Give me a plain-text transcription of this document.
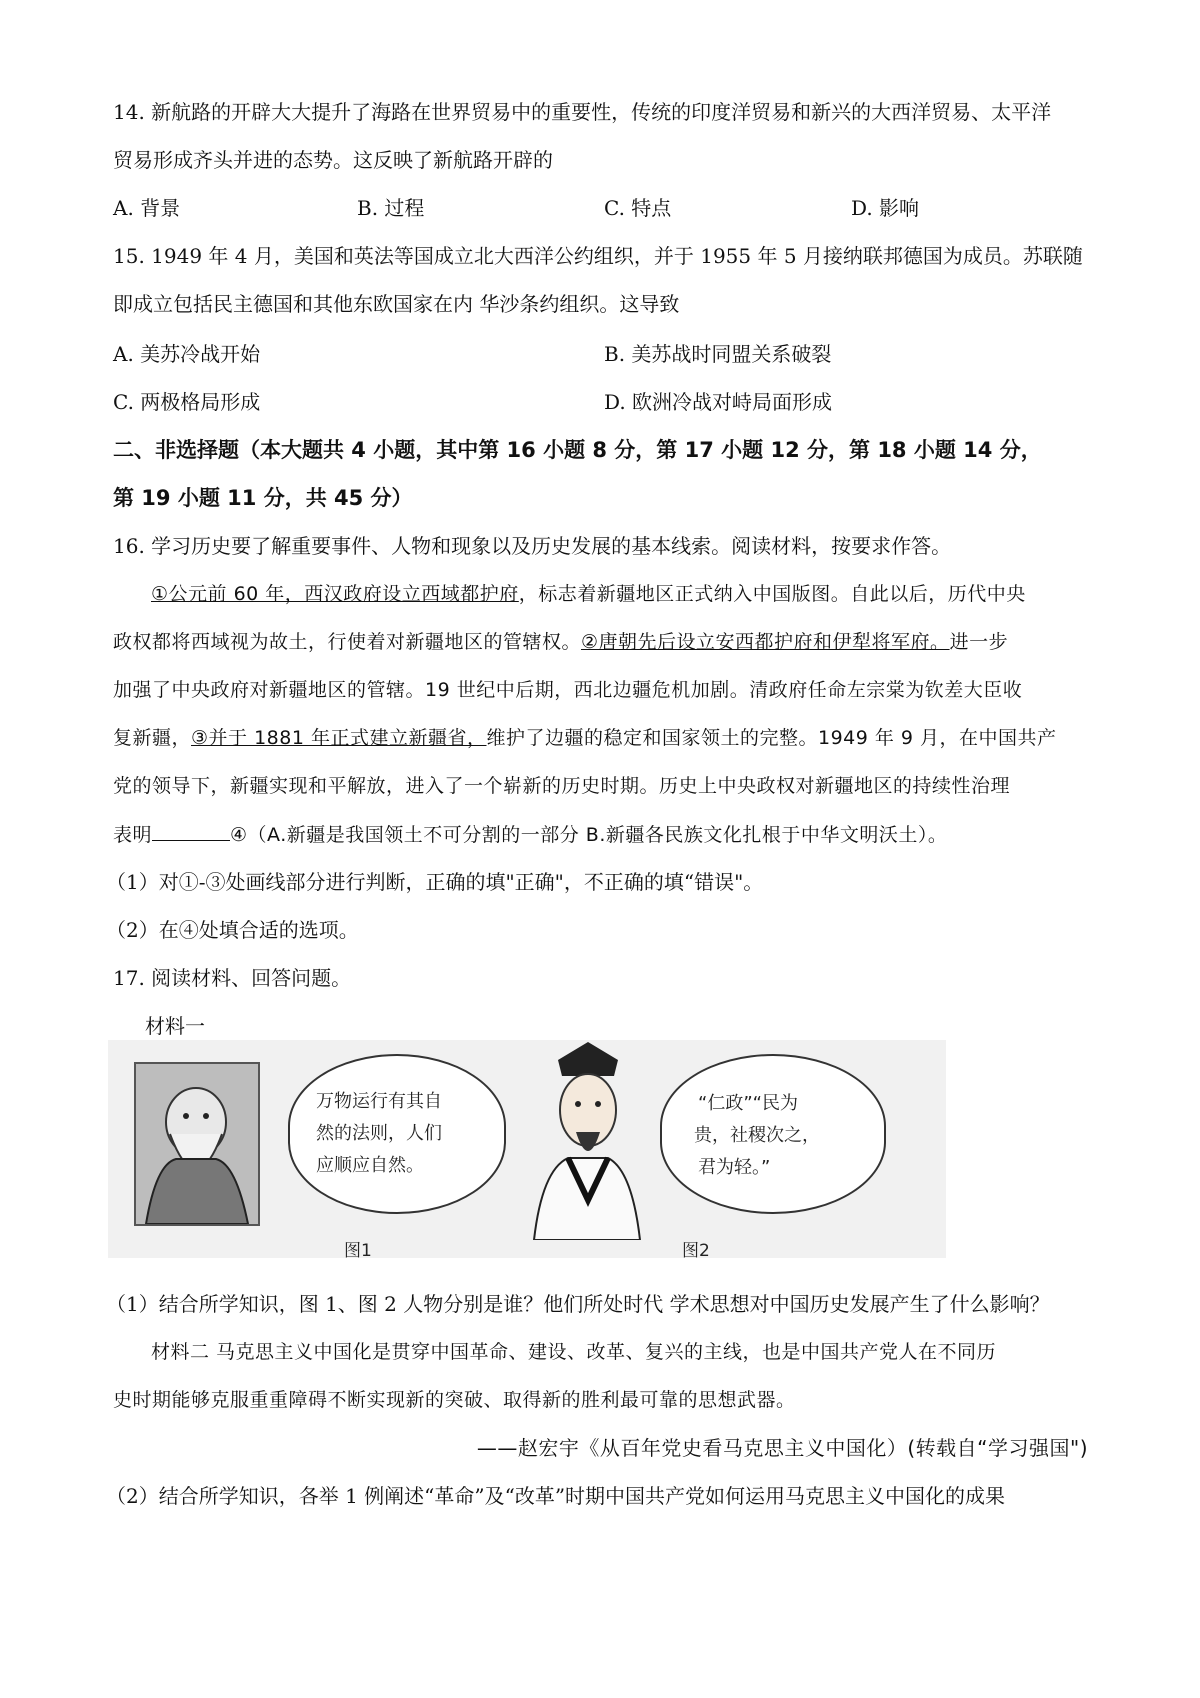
14. 新航路的开辟大大提升了海路在世界贸易中的重要性，传统的印度洋贸易和新兴的大西洋贸易、太平洋
贸易形成齐头并进的态势。这反映了新航路开辟的
A. 背景	B. 过程	C. 特点	D. 影响
15. 1949 年 4 月，美国和英法等国成立北大西洋公约组织，并于 1955 年 5 月接纳联邦德国为成员。苏联随
即成立包括民主德国和其他东欧国家在内 华沙条约组织。这导致
A. 美苏冷战开始	B. 美苏战时同盟关系破裂
C. 两极格局形成	D. 欧洲冷战对峙局面形成
二、非选择题（本大题共 4 小题，其中第 16 小题 8 分，第 17 小题 12 分，第 18 小题 14 分，
第 19 小题 11 分，共 45 分）
16. 学习历史要了解重要事件、人物和现象以及历史发展的基本线索。阅读材料，按要求作答。
①公元前 60 年，西汉政府设立西域都护府，标志着新疆地区正式纳入中国版图。自此以后，历代中央
政权都将西域视为故土，行使着对新疆地区的管辖权。②唐朝先后设立安西都护府和伊犁将军府。进一步
加强了中央政府对新疆地区的管辖。19 世纪中后期，西北边疆危机加剧。清政府任命左宗棠为钦差大臣收
复新疆，③并于 1881 年正式建立新疆省，维护了边疆的稳定和国家领土的完整。1949 年 9 月，在中国共产
党的领导下，新疆实现和平解放，进入了一个崭新的历史时期。历史上中央政权对新疆地区的持续性治理
表明	④（A.新疆是我国领土不可分割的一部分 B.新疆各民族文化扎根于中华文明沃土）。
（1）对①-③处画线部分进行判断，正确的填"正确"，不正确的填“错误"。
（2）在④处填合适的选项。
17. 阅读材料、回答问题。
材料一
万物运行有其自
然的法则，人们
应顺应自然。
“仁政”“民为
贵，社稷次之，
君为轻。”
图1	图2
（1）结合所学知识，图 1、图 2 人物分别是谁？他们所处时代 学术思想对中国历史发展产生了什么影响？
材料二 马克思主义中国化是贯穿中国革命、建设、改革、复兴的主线，也是中国共产党人在不同历
史时期能够克服重重障碍不断实现新的突破、取得新的胜利最可靠的思想武器。
——赵宏宇《从百年党史看马克思主义中国化）(转载自“学习强国")
（2）结合所学知识，各举 1 例阐述“革命”及“改革”时期中国共产党如何运用马克思主义中国化的成果
